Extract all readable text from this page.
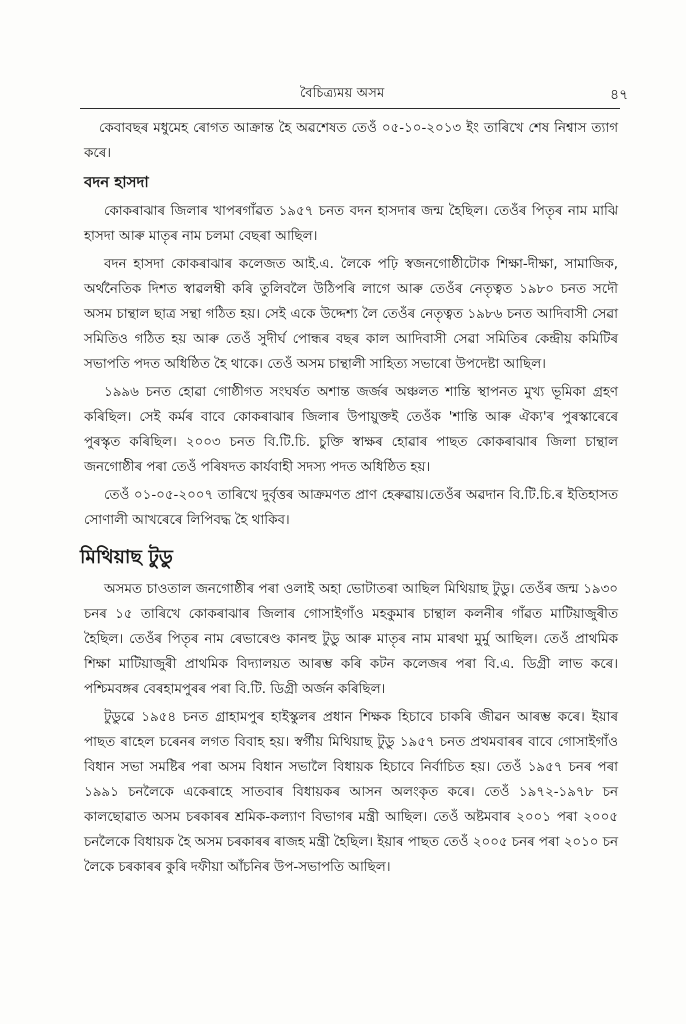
বৈচিত্ৰ্যময় অসম	৪৭

কেবাবছৰ মধুমেহ ৰোগত আক্ৰান্ত হৈ অৱশেষত তেওঁ ০৫-১০-২০১৩ ইং তাৰিখে শেষ নিশ্বাস ত্যাগ কৰে।

বদন হাসদা

কোকৰাঝাৰ জিলাৰ খাপৰগাঁৱত ১৯৫৭ চনত বদন হাসদাৰ জন্ম হৈছিল। তেওঁৰ পিতৃৰ নাম মাঝি হাসদা আৰু মাতৃৰ নাম চলমা বেছৰা আছিল।

বদন হাসদা কোকৰাঝাৰ কলেজত আই.এ. লৈকে পঢ়ি স্বজনগোষ্ঠীটোক শিক্ষা-দীক্ষা, সামাজিক, অৰ্থনৈতিক দিশত স্বাৱলম্বী কৰি তুলিবলৈ উঠিপৰি লাগে আৰু তেওঁৰ নেতৃত্বত ১৯৮০ চনত সদৌ অসম চান্থাল ছাত্ৰ সন্থা গঠিত হয়। সেই একে উদ্দেশ্য লৈ তেওঁৰ নেতৃত্বত ১৯৮৬ চনত আদিবাসী সেৱা সমিতিও গঠিত হয় আৰু তেওঁ সুদীৰ্ঘ পোন্ধৰ বছৰ কাল আদিবাসী সেৱা সমিতিৰ কেন্দ্ৰীয় কমিটিৰ সভাপতি পদত অধিষ্ঠিত হৈ থাকে। তেওঁ অসম চান্থালী সাহিত্য সভাৰো উপদেষ্টা আছিল।

১৯৯৬ চনত হোৱা গোষ্ঠীগত সংঘৰ্ষত অশান্ত জৰ্জৰ অঞ্চলত শান্তি স্থাপনত মুখ্য ভূমিকা গ্ৰহণ কৰিছিল। সেই কৰ্মৰ বাবে কোকৰাঝাৰ জিলাৰ উপায়ুক্তই তেওঁক 'শান্তি আৰু ঐক্য'ৰ পুৰস্কাৰেৰে পুৰস্কৃত কৰিছিল। ২০০৩ চনত বি.টি.চি. চুক্তি স্বাক্ষৰ হোৱাৰ পাছত কোকৰাঝাৰ জিলা চান্থাল জনগোষ্ঠীৰ পৰা তেওঁ পৰিষদত কাৰ্যবাহী সদস্য পদত অধিষ্ঠিত হয়।

তেওঁ ০১-০৫-২০০৭ তাৰিখে দুৰ্বৃত্তৰ আক্ৰমণত প্ৰাণ হেৰুৱায়।তেওঁৰ অৱদান বি.টি.চি.ৰ ইতিহাসত সোণালী আখৰেৰে লিপিবদ্ধ হৈ থাকিব।

মিথিয়াছ টুডু

অসমত চাওতাল জনগোষ্ঠীৰ পৰা ওলাই অহা ভোটাতৰা আছিল মিথিয়াছ টুডু। তেওঁৰ জন্ম ১৯৩০ চনৰ ১৫ তাৰিখে কোকৰাঝাৰ জিলাৰ গোসাইগাঁও মহকুমাৰ চান্থাল কলনীৰ গাঁৱত মাটিয়াজুৰীত হৈছিল। তেওঁৰ পিতৃৰ নাম ৰেভাৰেণ্ড কানহু টুডু আৰু মাতৃৰ নাম মাৰথা মুৰ্মু আছিল। তেওঁ প্ৰাথমিক শিক্ষা মাটিয়াজুৰী প্ৰাথমিক বিদ্যালয়ত আৰম্ভ কৰি কটন কলেজৰ পৰা বি.এ. ডিগ্ৰী লাভ কৰে। পশ্চিমবঙ্গৰ বেৰহামপুৰৰ পৰা বি.টি. ডিগ্ৰী অৰ্জন কৰিছিল।

টুডুৱে ১৯৫৪ চনত গ্ৰাহামপুৰ হাইস্কুলৰ প্ৰধান শিক্ষক হিচাবে চাকৰি জীৱন আৰম্ভ কৰে। ইয়াৰ পাছত ৰাহেল চৰেনৰ লগত বিবাহ হয়। স্বৰ্গীয় মিথিয়াছ টুডু ১৯৫৭ চনত প্ৰথমবাৰৰ বাবে গোসাইগাঁও বিধান সভা সমষ্টিৰ পৰা অসম বিধান সভালৈ বিধায়ক হিচাবে নিৰ্বাচিত হয়। তেওঁ ১৯৫৭ চনৰ পৰা ১৯৯১ চনলৈকে একেৰাহে সাতবাৰ বিধায়কৰ আসন অলংকৃত কৰে। তেওঁ ১৯৭২-১৯৭৮ চন কালছোৱাত অসম চৰকাৰৰ শ্ৰমিক-কল্যাণ বিভাগৰ মন্ত্ৰী আছিল। তেওঁ অষ্টমবাৰ ২০০১ পৰা ২০০৫ চনলৈকে বিধায়ক হৈ অসম চৰকাৰৰ ৰাজহ মন্ত্ৰী হৈছিল। ইয়াৰ পাছত তেওঁ ২০০৫ চনৰ পৰা ২০১০ চন লৈকে চৰকাৰৰ কুৰি দফীয়া আঁচনিৰ উপ-সভাপতি আছিল।
